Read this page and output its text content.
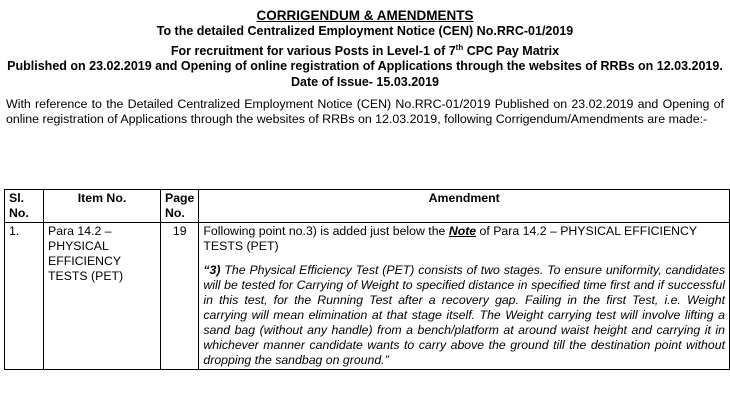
CORRIGENDUM & AMENDMENTS
To the detailed Centralized Employment Notice (CEN) No.RRC-01/2019
For recruitment for various Posts in Level-1 of 7th CPC Pay Matrix
Published on 23.02.2019 and Opening of online registration of Applications through the websites of RRBs on 12.03.2019.
Date of Issue- 15.03.2019
With reference to the Detailed Centralized Employment Notice (CEN) No.RRC-01/2019 Published on 23.02.2019 and Opening of online registration of Applications through the websites of RRBs on 12.03.2019, following Corrigendum/Amendments are made:-
Sl. No.	Item No.	Page No.	Amendment
1.	Para 14.2 – PHYSICAL EFFICIENCY TESTS (PET)	19	Following point no.3) is added just below the Note of Para 14.2 – PHYSICAL EFFICIENCY TESTS (PET)
“3) The Physical Efficiency Test (PET) consists of two stages. To ensure uniformity, candidates will be tested for Carrying of Weight to specified distance in specified time first and if successful in this test, for the Running Test after a recovery gap. Failing in the first Test, i.e. Weight carrying will mean elimination at that stage itself. The Weight carrying test will involve lifting a sand bag (without any handle) from a bench/platform at around waist height and carrying it in whichever manner candidate wants to carry above the ground till the destination point without dropping the sandbag on ground.”
